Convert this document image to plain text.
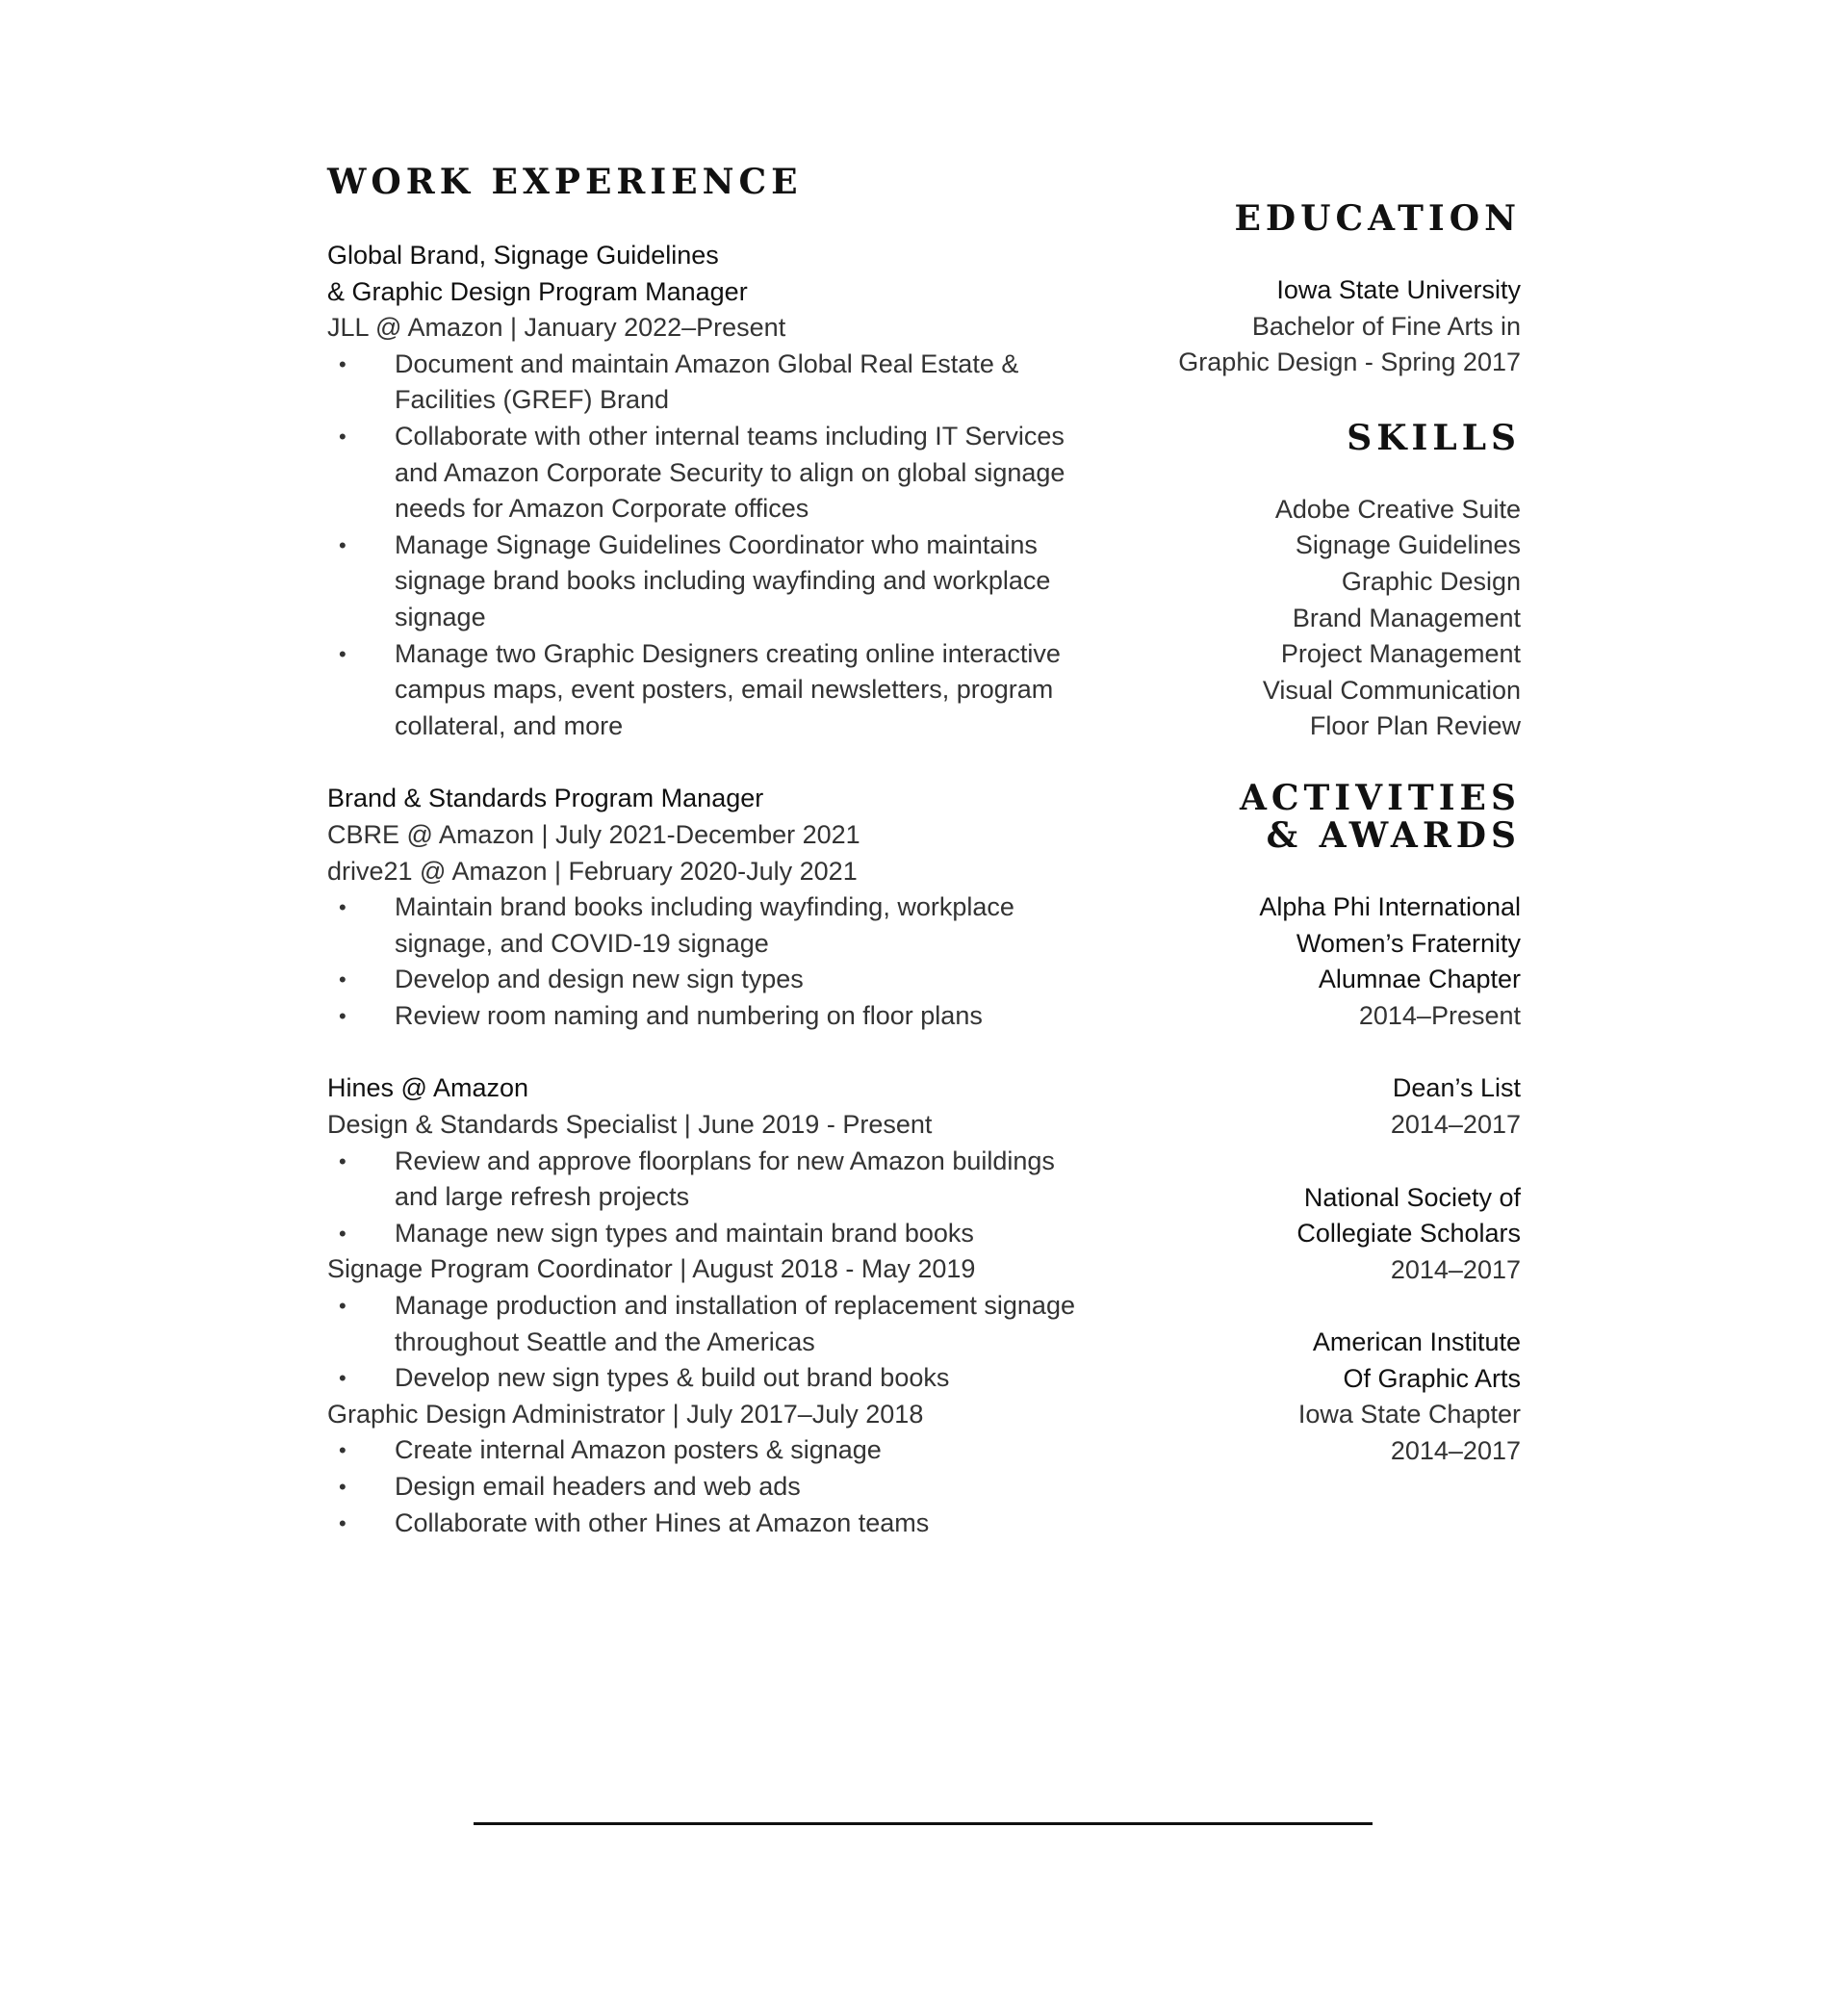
WORK EXPERIENCE
Global Brand, Signage Guidelines
& Graphic Design Program Manager
JLL @ Amazon | January 2022–Present
• Document and maintain Amazon Global Real Estate & Facilities (GREF) Brand
• Collaborate with other internal teams including IT Services and Amazon Corporate Security to align on global signage needs for Amazon Corporate offices
• Manage Signage Guidelines Coordinator who maintains signage brand books including wayfinding and workplace signage
• Manage two Graphic Designers creating online interactive campus maps, event posters, email newsletters, program collateral, and more
Brand & Standards Program Manager
CBRE @ Amazon | July 2021-December 2021
drive21 @ Amazon | February 2020-July 2021
• Maintain brand books including wayfinding, workplace signage, and COVID-19 signage
• Develop and design new sign types
• Review room naming and numbering on floor plans
Hines @ Amazon
Design & Standards Specialist | June 2019 - Present
• Review and approve floorplans for new Amazon buildings and large refresh projects
• Manage new sign types and maintain brand books
Signage Program Coordinator | August 2018 - May 2019
• Manage production and installation of replacement signage throughout Seattle and the Americas
• Develop new sign types & build out brand books
Graphic Design Administrator | July 2017–July 2018
• Create internal Amazon posters & signage
• Design email headers and web ads
• Collaborate with other Hines at Amazon teams
EDUCATION
Iowa State University
Bachelor of Fine Arts in
Graphic Design - Spring 2017
SKILLS
Adobe Creative Suite
Signage Guidelines
Graphic Design
Brand Management
Project Management
Visual Communication
Floor Plan Review
ACTIVITIES
& AWARDS
Alpha Phi International
Women’s Fraternity
Alumnae Chapter
2014–Present
Dean’s List
2014–2017
National Society of
Collegiate Scholars
2014–2017
American Institute
Of Graphic Arts
Iowa State Chapter
2014–2017
